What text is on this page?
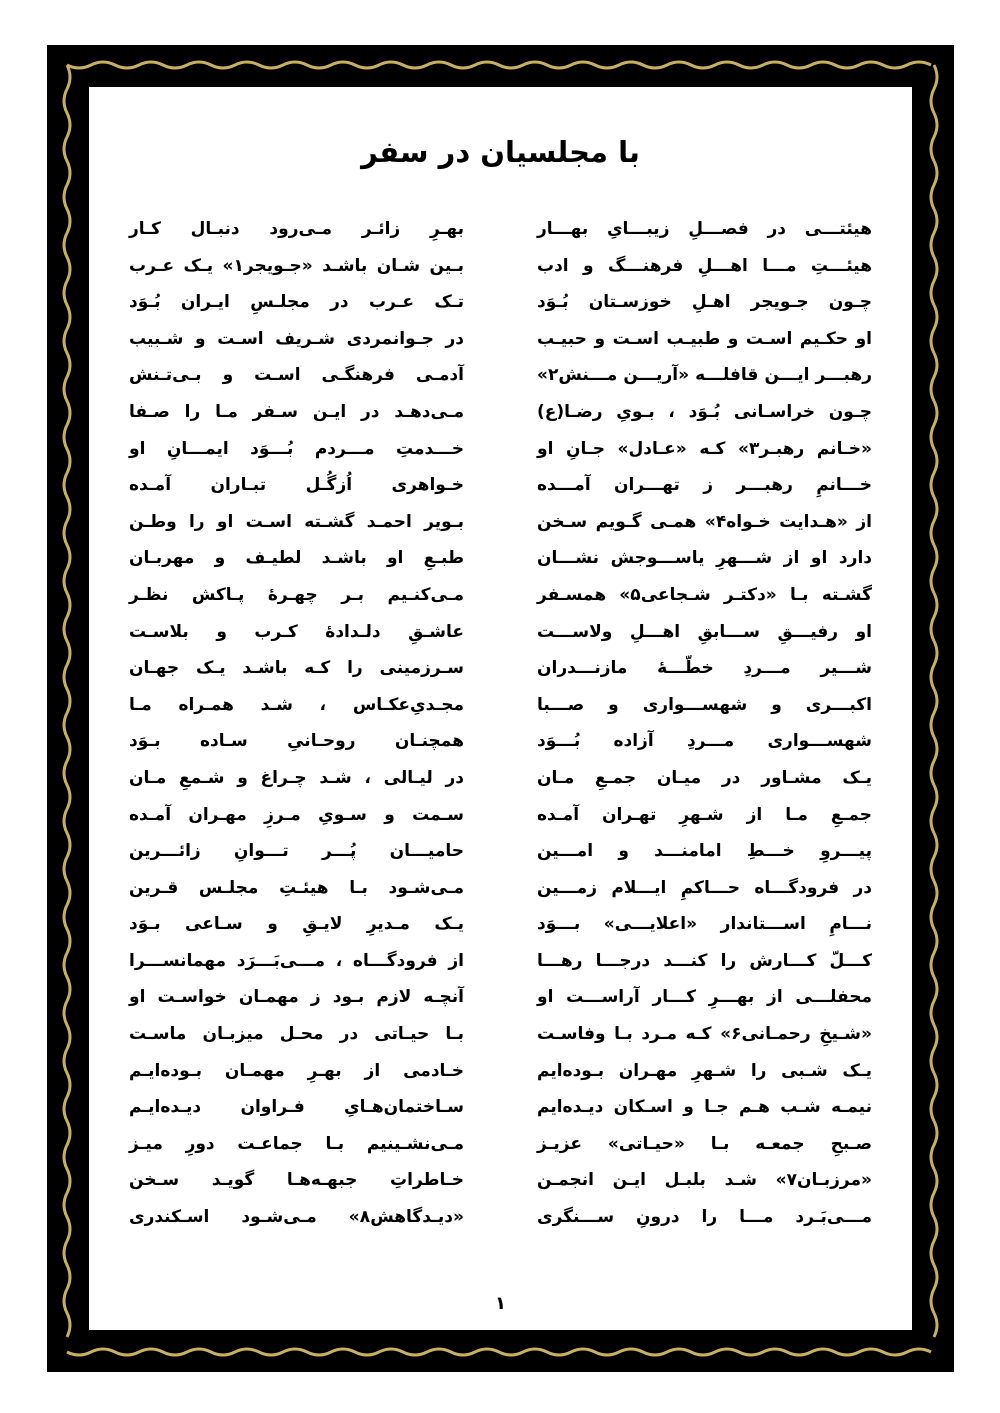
با مجلسیان در سفر
هیئتـــی در فصـــلِ زیبـــایِ بهـــار
هیئـــتِ مـــا اهـــلِ فرهنـــگ و ادب
چـون جـویجر اهـلِ خوزسـتان بُـوَد
او حکـیم اسـت و طبیـب اسـت و حبیـب
رهبـــر ایـــن قافلـــه «آریـــن مـــنش۲»
چـون خراسـانی بُـوَد ، بـویِ رضـا(ع)
«خـانم رهبـر۳» کـه «عـادل» جـانِ او
خـــانمِ رهبـــر ز تهـــران آمـــده
از «هـدایت خـواه۴» همـی گـویم سـخن
دارد او از شـــهرِ یاســـوجش نشـــان
گشـته بـا «دکتـر شـجاعی۵» همسـفر
او رفیـــقِ ســـابقِ اهـــلِ ولاســـت
شـــیر مـــردِ خطّـــۀ مازنـــدران
اکبـــری و شهســـواری و صـــبا
شهســـواری مـــردِ آزاده بُـــوَد
یـک مشـاور در میـان جمـعِ مـان
جمـعِ مـا از شـهرِ تهـران آمـده
پیـــروِ خـــطِ امامنـــد و امـــین
در فرودگـــاه حـــاکمِ ایـــلام زمـــین
نـــامِ اســـتاندار «اعلایـــی» بـــوَد
کـــلّ کـــارش را کنـــد درجـــا رهـــا
محفلـــی از بهـــرِ کـــار آراســـت او
«شـیخِ رحمـانی۶» کـه مـرد بـا وفاسـت
یـک شـبی را شـهرِ مهـران بـوده‌ایم
نیمـه شـب هـم جـا و اسـکان دیـده‌ایم
صـبحِ جمعـه بـا «حیـاتی» عزیـز
«مرزبـان۷» شـد بلبـل ایـن انجمـن
مـــی‌بَـرد مـــا را درونِ ســـنگری
بهـرِ زائـر مـی‌رود دنبـال کـار
بـین شـان باشـد «جـویجر۱» یـک عـرب
تـک عـرب در مجلـسِ ایـران بُـوَد
در جـوانمردی شـریف اسـت و شـبیب
آدمـی فرهنگـی اسـت و بـی‌تـنش
مـی‌دهـد در ایـن سـفر مـا را صـفا
خـــدمتِ مـــردم بُـــوَد ایمـــانِ او
خـواهری اُزگُـل تبـاران آمـده
بـویر احمـد گشـته اسـت او را وطـن
طبـعِ او باشـد لطیـف و مهربـان
مـی‌کنـیم بـر چهـرۀ پـاکش نظـر
عاشـقِ دلـدادۀ کـرب و بلاسـت
سـرزمینی را کـه باشـد یـک جهـان
مجـدیِ‌عکـاس ، شـد همـراه مـا
همچنـان روحـانیِ سـاده بـوَد
در لیـالی ، شـد چـراغ و شـمعِ مـان
سـمت و سـویِ مـرزِ مهـران آمـده
حامیـــان پُـــر تـــوانِ زائـــرین
مـی‌شـود بـا هیئـتِ مجلـس قـرین
یـک مـدیرِ لایـقِ و سـاعی بـوَد
از فرودگـــاه ، مـــی‌بَـــرَد مهمانســـرا
آنچـه لازم بـود ز مهمـان خواسـت او
بـا حیـاتی در محـل میزبـان ماسـت
خـادمی از بهـرِ مهمـان بـوده‌ایـم
سـاختمان‌هـایِ فـراوان دیـده‌ایـم
مـی‌نشـینیم بـا جماعـت دورِ میـز
خـاطراتِ جبهـه‌هـا گویـد سـخن
«دیـدگاهش۸» مـی‌شـود اسـکندری
۱
